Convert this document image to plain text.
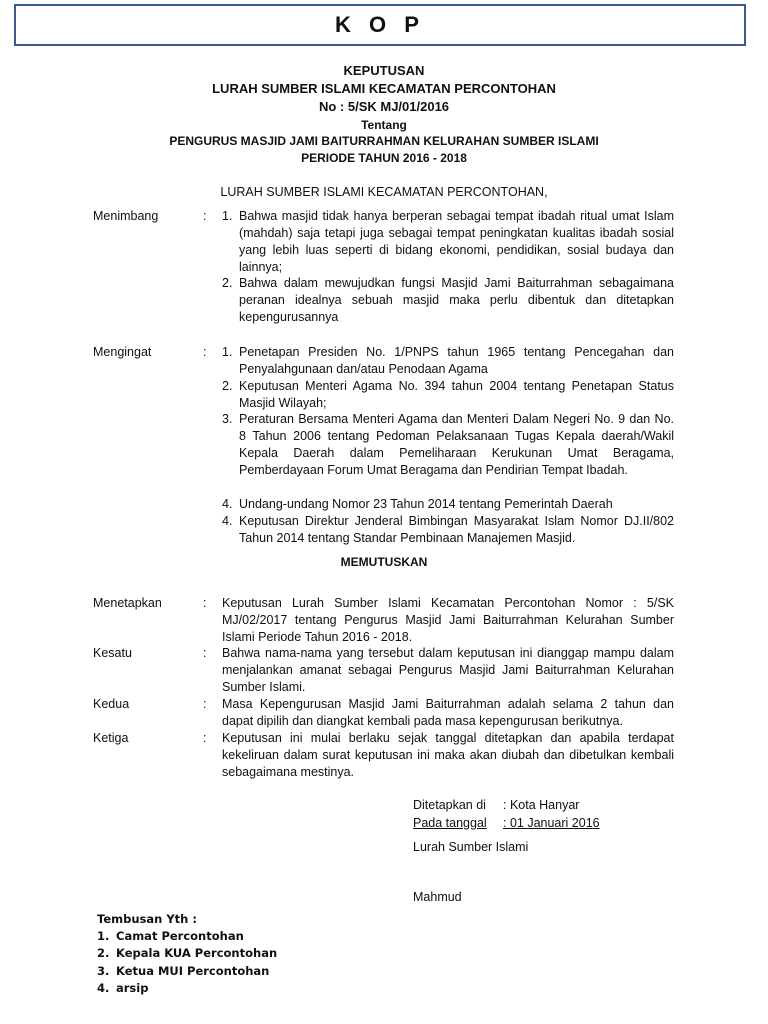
K O P
KEPUTUSAN
LURAH SUMBER ISLAMI KECAMATAN PERCONTOHAN
No : 5/SK MJ/01/2016
Tentang
PENGURUS MASJID JAMI BAITURRAHMAN KELURAHAN SUMBER ISLAMI
PERIODE TAHUN 2016 - 2018
LURAH SUMBER ISLAMI KECAMATAN PERCONTOHAN,
Menimbang	: 1. Bahwa masjid tidak hanya berperan sebagai tempat ibadah ritual umat Islam (mahdah) saja tetapi juga sebagai tempat peningkatan kualitas ibadah sosial yang lebih luas seperti di bidang ekonomi, pendidikan, sosial budaya dan lainnya;
2. Bahwa dalam mewujudkan fungsi Masjid Jami Baiturrahman sebagaimana peranan idealnya sebuah masjid maka perlu dibentuk dan ditetapkan kepengurusannya
Mengingat	: 1. Penetapan Presiden No. 1/PNPS tahun 1965 tentang Pencegahan dan Penyalahgunaan dan/atau Penodaan Agama
2. Keputusan Menteri Agama No. 394 tahun 2004 tentang Penetapan Status Masjid Wilayah;
3. Peraturan Bersama Menteri Agama dan Menteri Dalam Negeri No. 9 dan No. 8 Tahun 2006 tentang Pedoman Pelaksanaan Tugas Kepala daerah/Wakil Kepala Daerah dalam Pemeliharaan Kerukunan Umat Beragama, Pemberdayaan Forum Umat Beragama dan Pendirian Tempat Ibadah.
4. Undang-undang Nomor 23 Tahun 2014 tentang Pemerintah Daerah
4. Keputusan Direktur Jenderal Bimbingan Masyarakat Islam Nomor DJ.II/802 Tahun 2014 tentang Standar Pembinaan Manajemen Masjid.
MEMUTUSKAN
Menetapkan	: Keputusan Lurah Sumber Islami Kecamatan Percontohan Nomor : 5/SK MJ/02/2017 tentang Pengurus Masjid Jami Baiturrahman Kelurahan Sumber Islami Periode Tahun 2016 - 2018.
Kesatu	: Bahwa nama-nama yang tersebut dalam keputusan ini dianggap mampu dalam menjalankan amanat sebagai Pengurus Masjid Jami Baiturrahman Kelurahan Sumber Islami.
Kedua	: Masa Kepengurusan Masjid Jami Baiturrahman adalah selama 2 tahun dan dapat dipilih dan diangkat kembali pada masa kepengurusan berikutnya.
Ketiga	: Keputusan ini mulai berlaku sejak tanggal ditetapkan dan apabila terdapat kekeliruan dalam surat keputusan ini maka akan diubah dan dibetulkan kembali sebagaimana mestinya.
Ditetapkan di : Kota Hanyar
Pada tanggal	: 01 Januari 2016
Lurah Sumber Islami
Mahmud
Tembusan Yth :
1. Camat Percontohan
2. Kepala KUA Percontohan
3. Ketua MUI Percontohan
4. arsip
